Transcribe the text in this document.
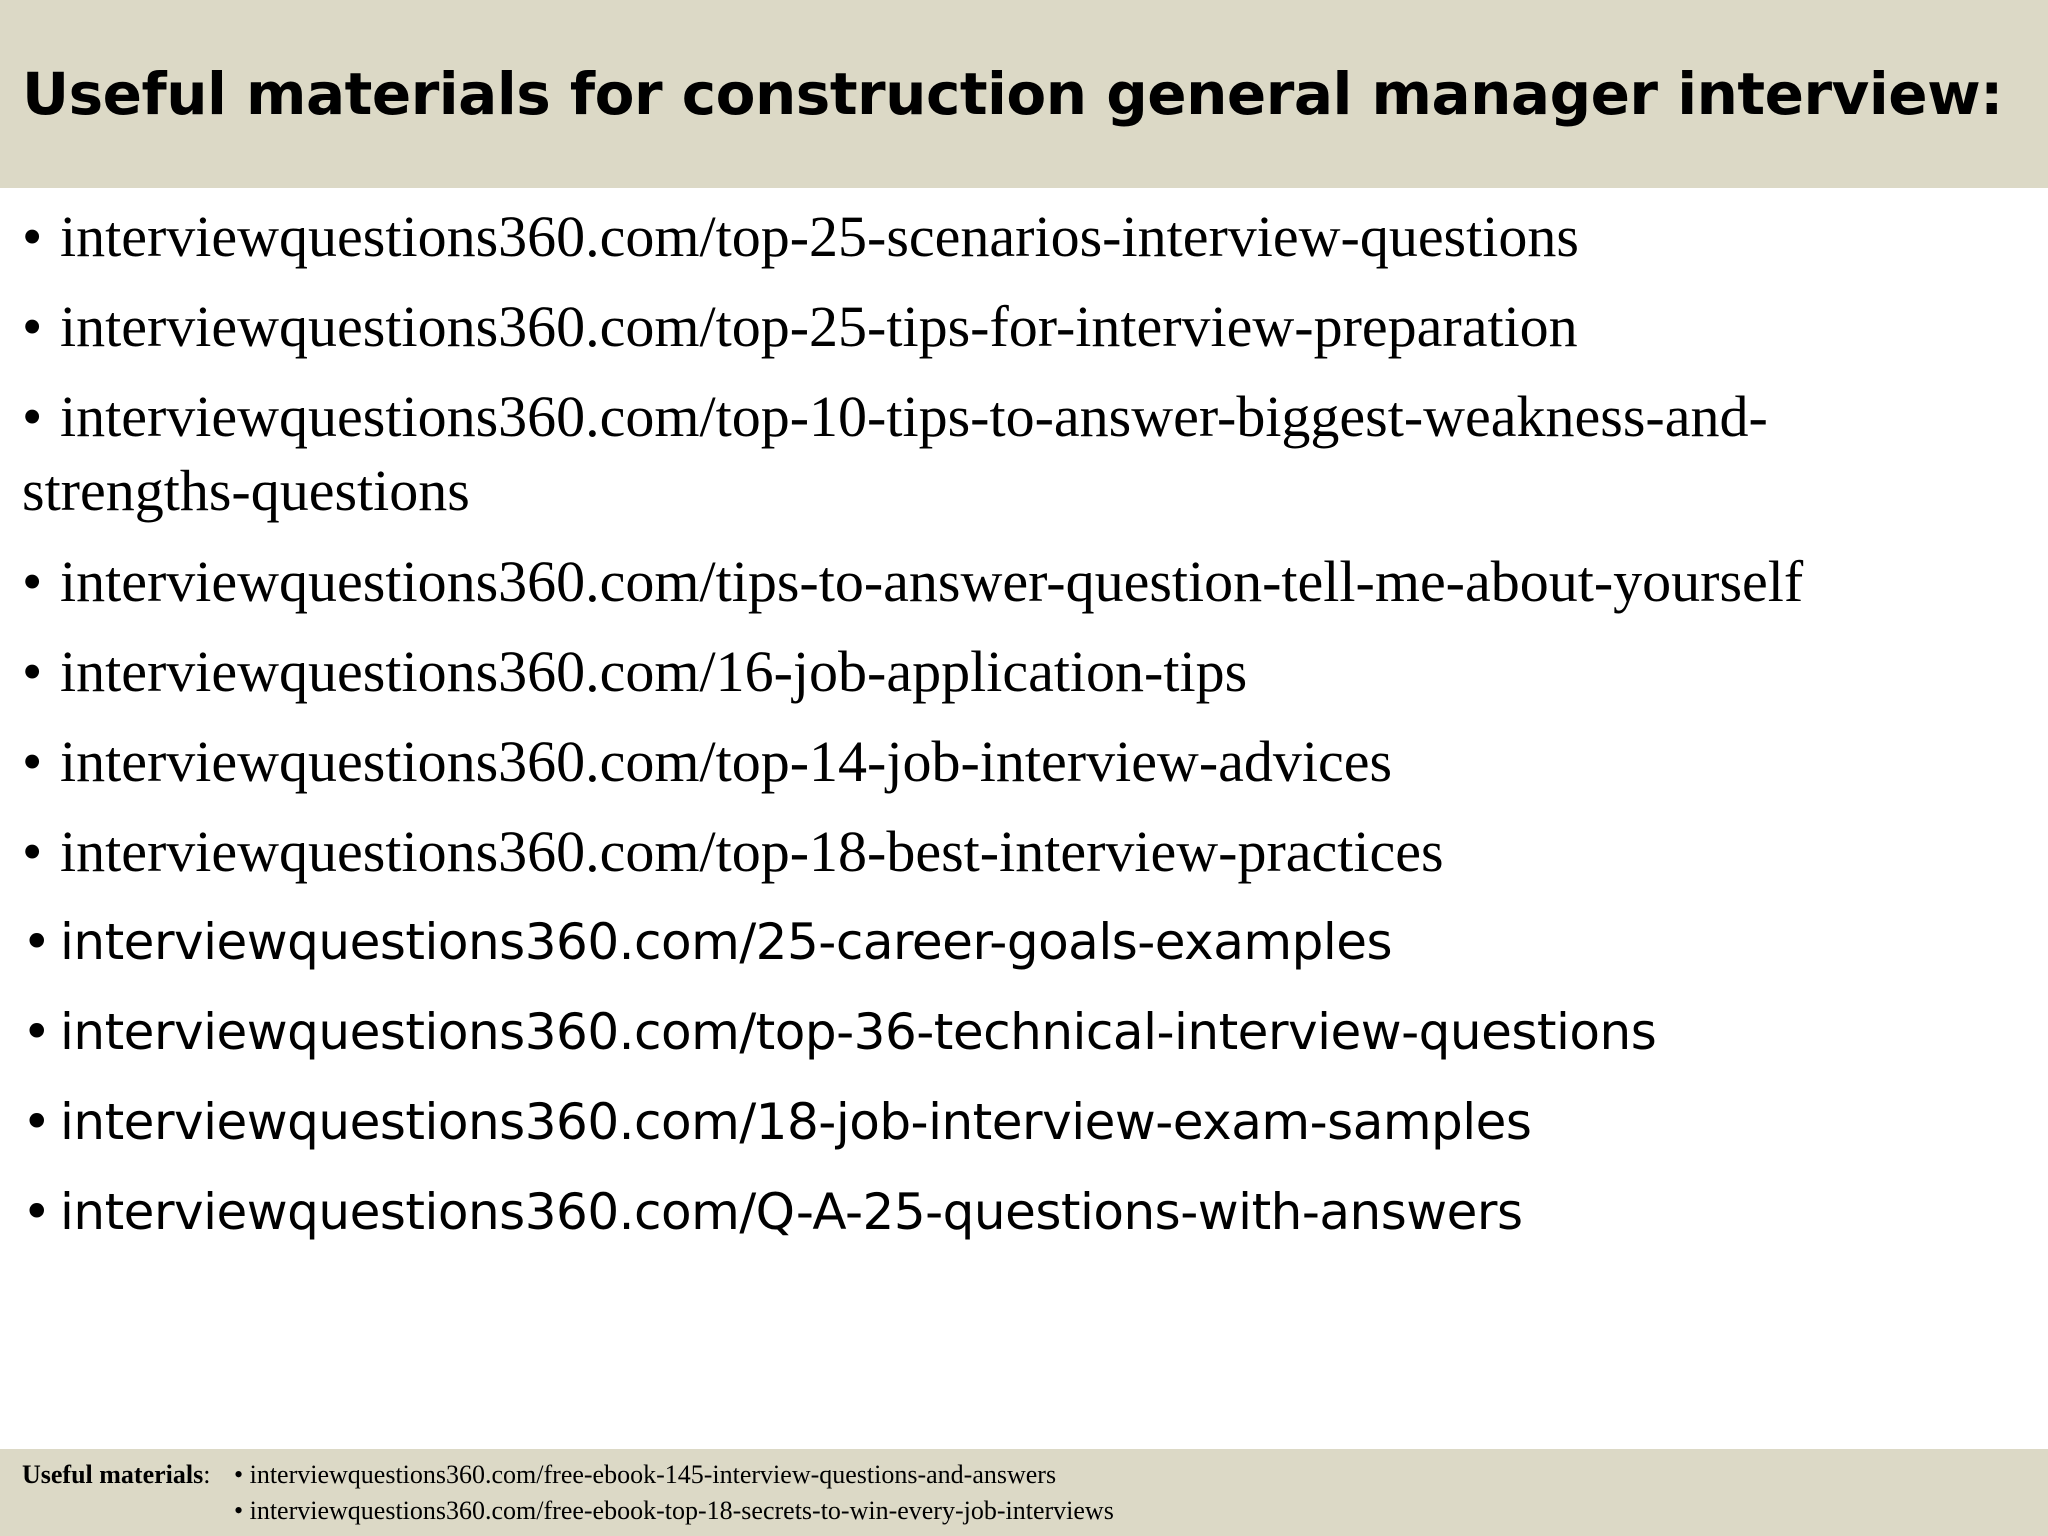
Useful materials for construction general manager interview:
• interviewquestions360.com/top-25-scenarios-interview-questions
• interviewquestions360.com/top-25-tips-for-interview-preparation
• interviewquestions360.com/top-10-tips-to-answer-biggest-weakness-and-strengths-questions
• interviewquestions360.com/tips-to-answer-question-tell-me-about-yourself
• interviewquestions360.com/16-job-application-tips
• interviewquestions360.com/top-14-job-interview-advices
• interviewquestions360.com/top-18-best-interview-practices
• interviewquestions360.com/25-career-goals-examples
• interviewquestions360.com/top-36-technical-interview-questions
• interviewquestions360.com/18-job-interview-exam-samples
• interviewquestions360.com/Q-A-25-questions-with-answers
Useful materials: • interviewquestions360.com/free-ebook-145-interview-questions-and-answers
• interviewquestions360.com/free-ebook-top-18-secrets-to-win-every-job-interviews
